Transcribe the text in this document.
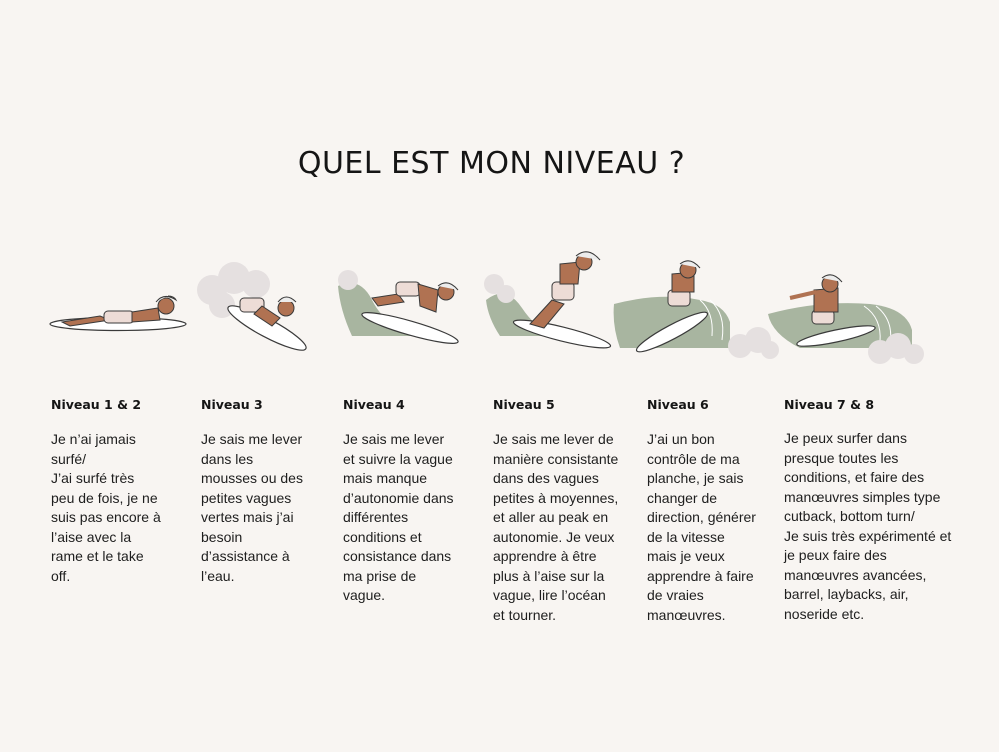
QUEL EST MON NIVEAU ?

Niveau 1 & 2

Je n’ai jamais
surfé/
J’ai surfé très
peu de fois, je ne
suis pas encore à
l’aise avec la
rame et le take
off.

Niveau 3

Je sais me lever
dans les
mousses ou des
petites vagues
vertes mais j’ai
besoin
d’assistance à
l’eau.

Niveau 4

Je sais me lever
et suivre la vague
mais manque
d’autonomie dans
différentes
conditions et
consistance dans
ma prise de
vague.

Niveau 5

Je sais me lever de
manière consistante
dans des vagues
petites à moyennes,
et aller au peak en
autonomie. Je veux
apprendre à être
plus à l’aise sur la
vague, lire l’océan
et tourner.

Niveau 6

J’ai un bon
contrôle de ma
planche, je sais
changer de
direction, générer
de la vitesse
mais je veux
apprendre à faire
de vraies
manœuvres.

Niveau 7 & 8

Je peux surfer dans
presque toutes les
conditions, et faire des
manœuvres simples type
cutback, bottom turn/
Je suis très expérimenté et
je peux faire des
manœuvres avancées,
barrel, laybacks, air,
noseride etc.
